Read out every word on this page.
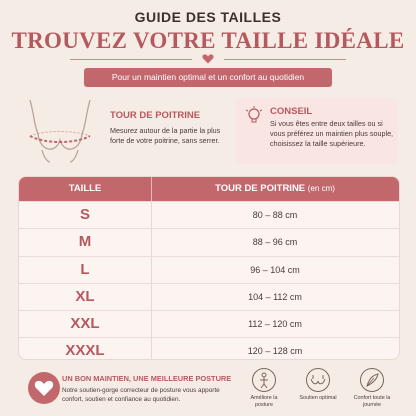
GUIDE DES TAILLES
TROUVEZ VOTRE TAILLE IDÉALE
Pour un maintien optimal et un confort au quotidien
TOUR DE POITRINE
Mesurez autour de la partie la plus forte de votre poitrine, sans serrer.
CONSEIL
Si vous êtes entre deux tailles ou si vous préférez un maintien plus souple, choisissez la taille supérieure.
TAILLE	TOUR DE POITRINE (en cm)
S	80 – 88 cm
M	88 – 96 cm
L	96 – 104 cm
XL	104 – 112 cm
XXL	112 – 120 cm
XXXL	120 – 128 cm
UN BON MAINTIEN, UNE MEILLEURE POSTURE
Notre soutien-gorge correcteur de posture vous apporte confort, soutien et confiance au quotidien.	Améliore la posture
Soutien optimal	Confort toute la journée
